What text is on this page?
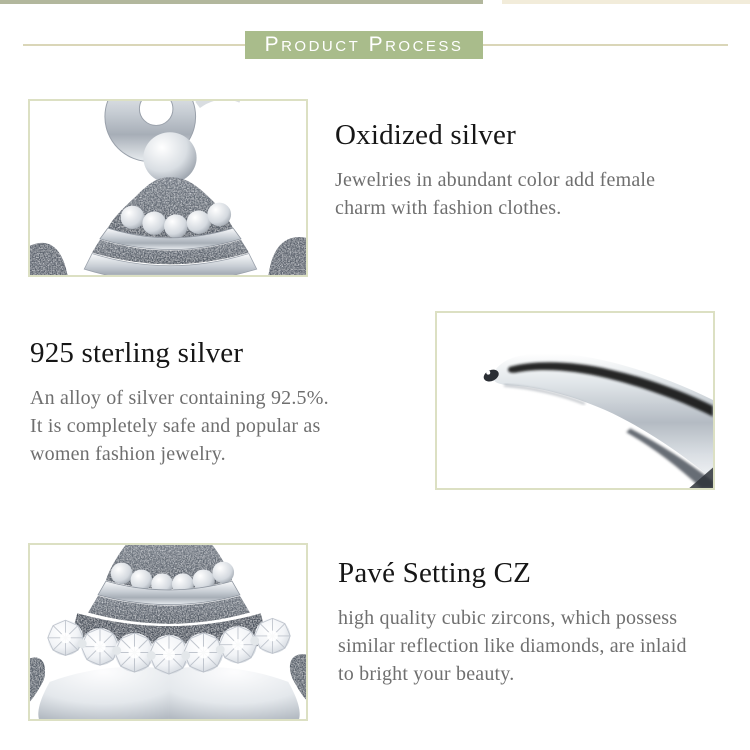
Product Process
Oxidized silver
Jewelries in abundant color add female
charm with fashion clothes.
925 sterling silver
An alloy of silver containing 92.5%.
It is completely safe and popular as
women fashion jewelry.
Pavé Setting CZ
high quality cubic zircons, which possess
similar reflection like diamonds, are inlaid
to bright your beauty.
